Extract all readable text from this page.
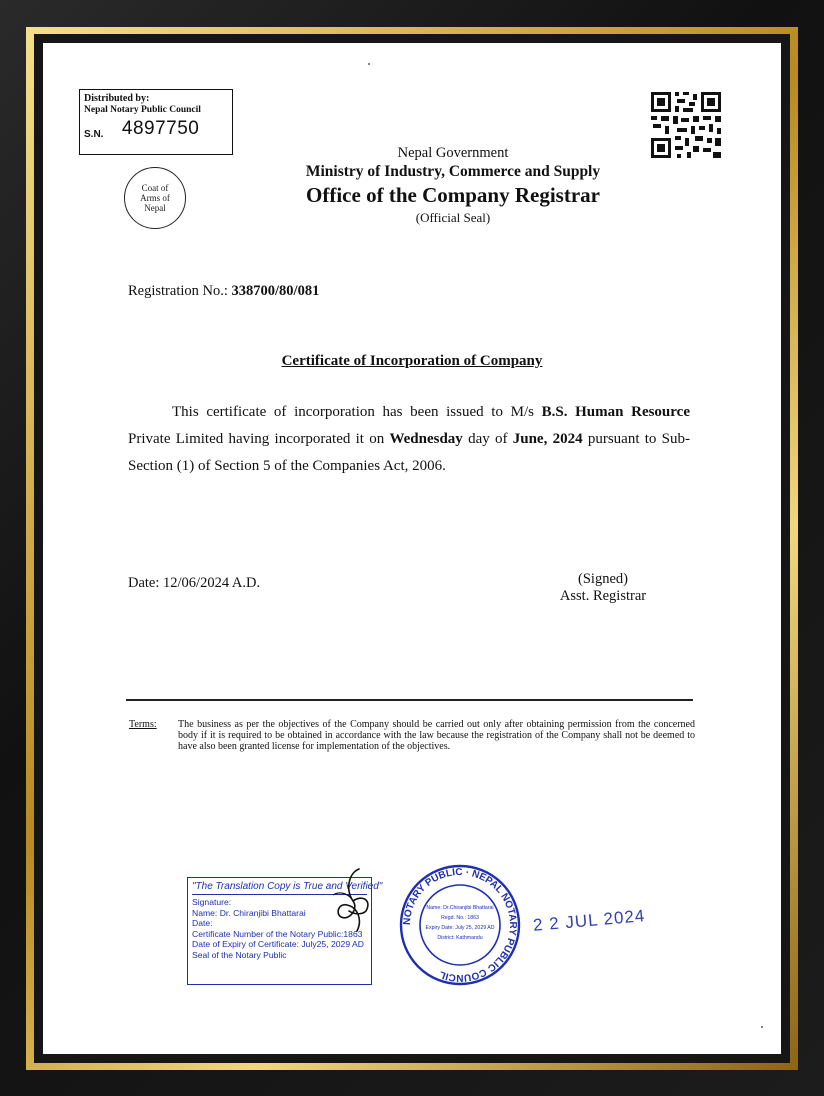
Distributed by:
Nepal Notary Public Council
S.N. 4897750
Coat of
Arms of
Nepal
Nepal Government
Ministry of Industry, Commerce and Supply
Office of the Company Registrar
(Official Seal)
Registration No.: 338700/80/081
Certificate of Incorporation of Company
This certificate of incorporation has been issued to M/s B.S. Human Resource Private Limited having incorporated it on Wednesday day of June, 2024 pursuant to Sub-Section (1) of Section 5 of the Companies Act, 2006.
Date: 12/06/2024 A.D.	(Signed)
Asst. Registrar
Terms: The business as per the objectives of the Company should be carried out only after obtaining permission from the concerned body if it is required to be obtained in accordance with the law because the registration of the Company shall not be deemed to have also been granted license for implementation of the objectives.
"The Translation Copy is True and Verified"
Signature:
Name: Dr. Chiranjibi Bhattarai
Date:
Certificate Number of the Notary Public:1863
Date of Expiry of Certificate: July25, 2029 AD
Seal of the Notary Public
NOTARY PUBLIC · NEPAL NOTARY PUBLIC COUNCIL
Name: Dr.Chiranjibi Bhattarai
Regd. No.: 1863
Expiry Date: July 25, 2029 AD
District: Kathmandu
2 2 JUL 2024
